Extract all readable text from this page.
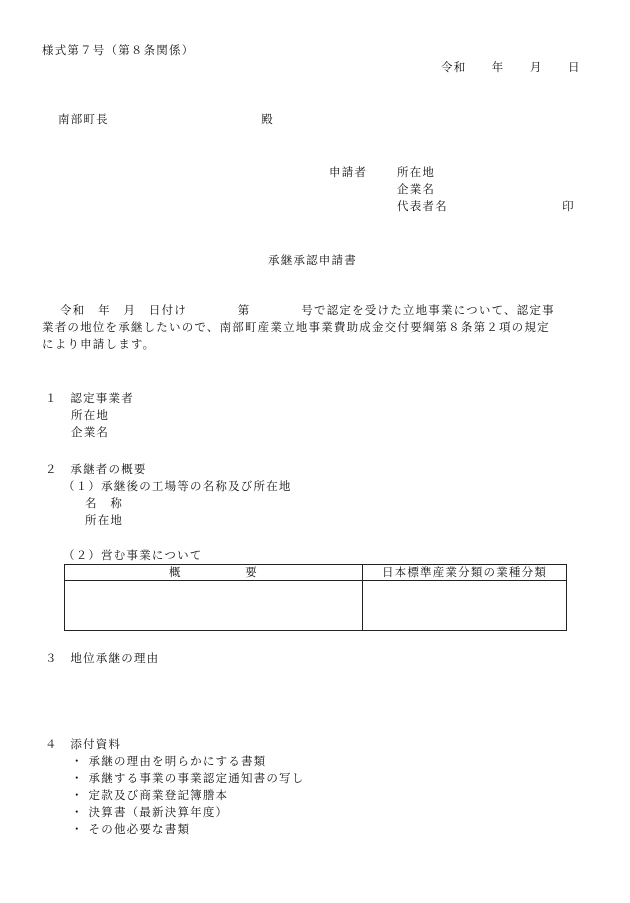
様式第７号（第８条関係）
令和　　年　　月　　日
南部町長　　　　　　　　　　　　殿
申請者	所在地
企業名
代表者名　　　　　　　　　印
承継承認申請書
令和　年　月　日付け　　　　第　　　　号で認定を受けた立地事業について、認定事
業者の地位を承継したいので、南部町産業立地事業費助成金交付要綱第８条第２項の規定
により申請します。
１　認定事業者
所在地
企業名
２　承継者の概要
（１）承継後の工場等の名称及び所在地
名　称
所在地
（２）営む事業について
概　　　　　要	日本標準産業分類の業種分類

３　地位承継の理由
４　添付資料
・ 承継の理由を明らかにする書類
・ 承継する事業の事業認定通知書の写し
・ 定款及び商業登記簿謄本
・ 決算書（最新決算年度）
・ その他必要な書類
